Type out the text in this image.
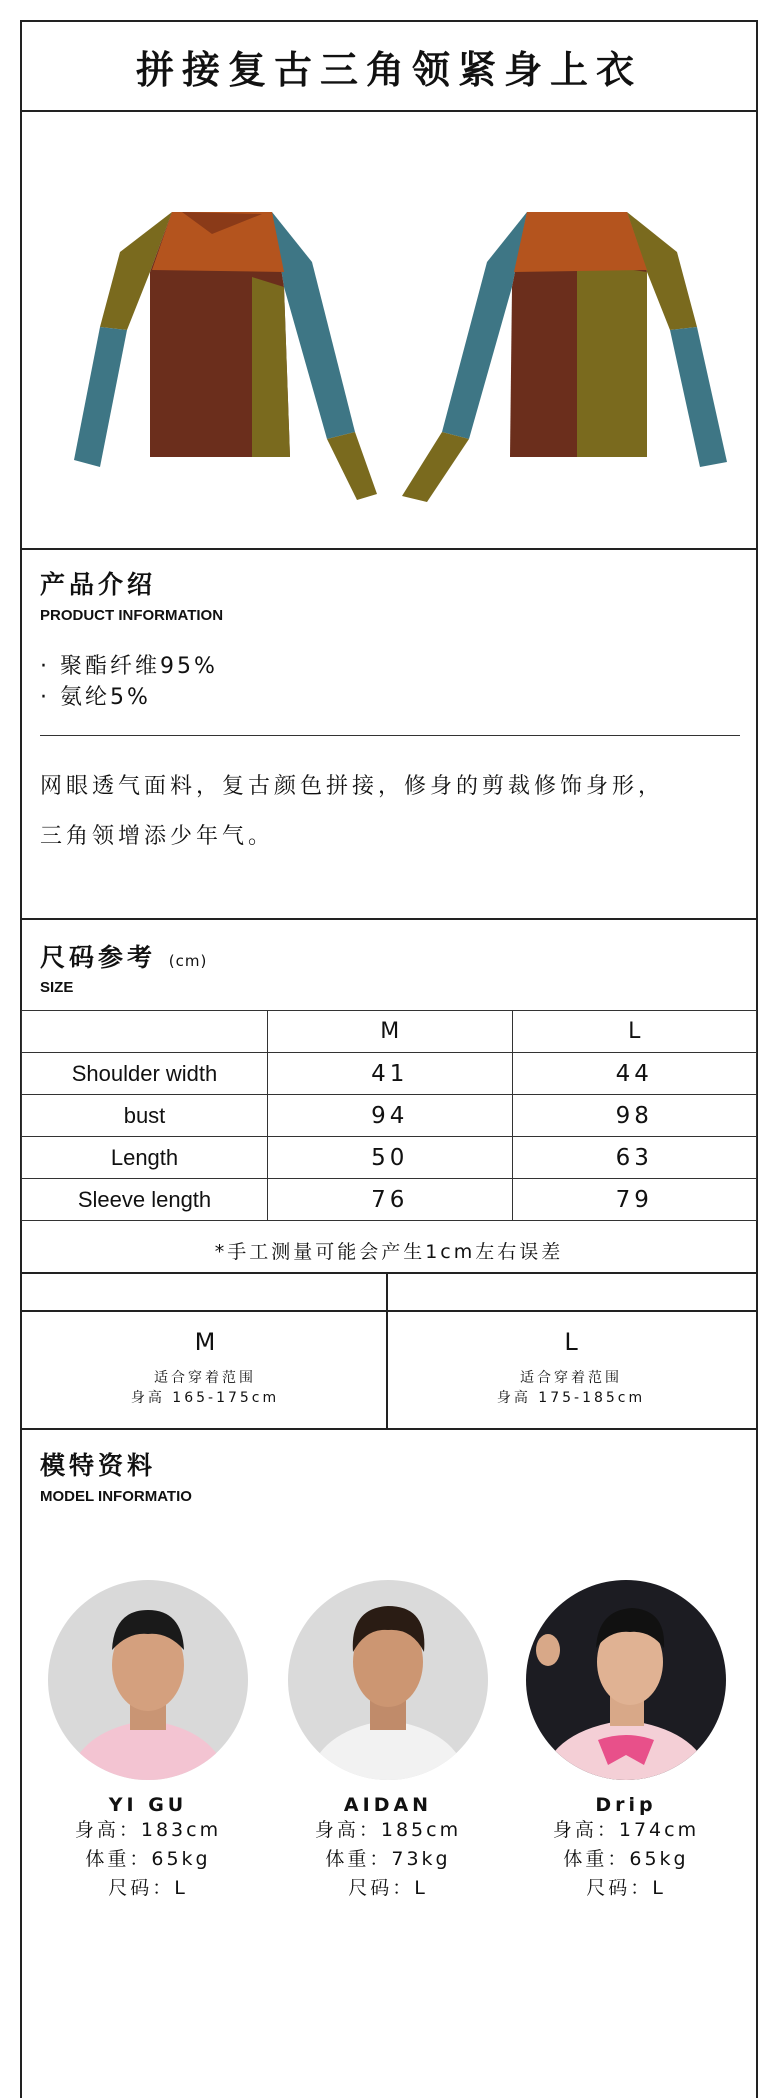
拼接复古三角领紧身上衣
产品介绍
PRODUCT INFORMATION
· 聚酯纤维95%
· 氨纶5%
网眼透气面料，复古颜色拼接，修身的剪裁修饰身形，
三角领增添少年气。
尺码参考 (cm)
SIZE
	M	L
Shoulder width	41	44
bust	94	98
Length	50	63
Sleeve length	76	79
*手工测量可能会产生1cm左右误差
M
适合穿着范围
身高 165-175cm
L
适合穿着范围
身高 175-185cm
模特资料
MODEL INFORMATIO
YI GU
身高：183cm
体重：65kg
尺码：L
AIDAN
身高：185cm
体重：73kg
尺码：L
Drip
身高：174cm
体重：65kg
尺码：L
